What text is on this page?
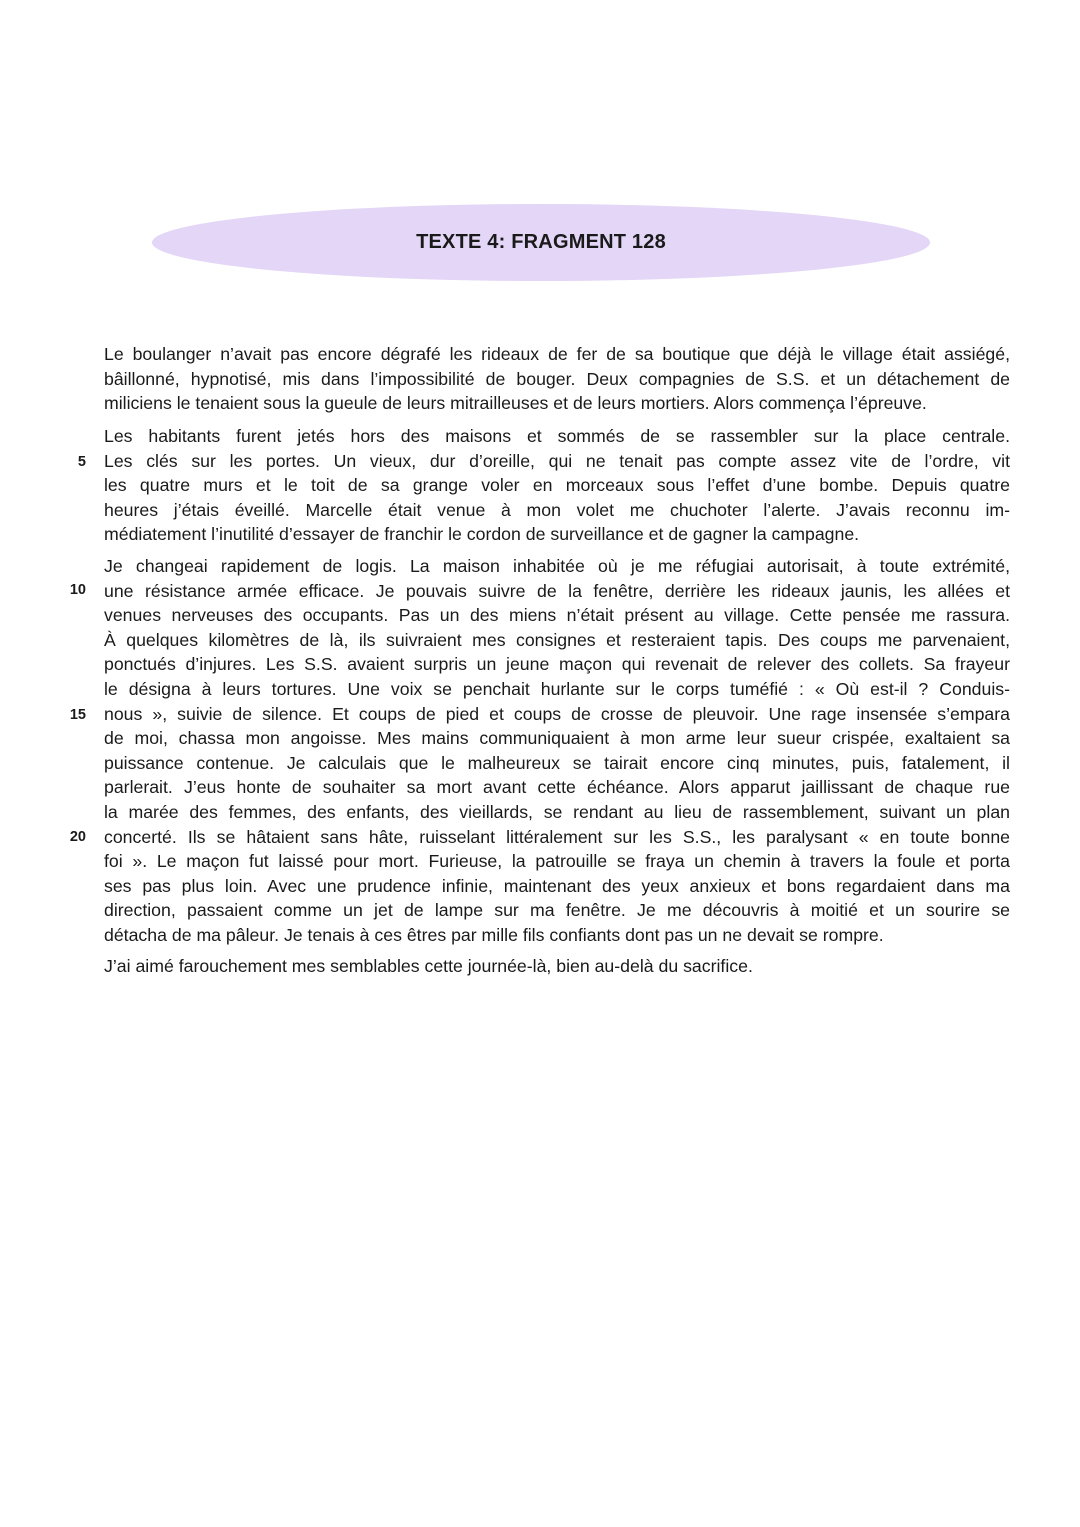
TEXTE 4: FRAGMENT 128
5
10
15
20
Le boulanger n’avait pas encore dégrafé les rideaux de fer de sa boutique que déjà le village était assiégé,
bâillonné, hypnotisé, mis dans l’impossibilité de bouger. Deux compagnies de S.S. et un détachement de
miliciens le tenaient sous la gueule de leurs mitrailleuses et de leurs mortiers. Alors commença l’épreuve.
Les habitants furent jetés hors des maisons et sommés de se rassembler sur la place centrale.
Les clés sur les portes. Un vieux, dur d’oreille, qui ne tenait pas compte assez vite de l’ordre, vit
les quatre murs et le toit de sa grange voler en morceaux sous l’effet d’une bombe. Depuis quatre
heures j’étais éveillé. Marcelle était venue à mon volet me chuchoter l’alerte. J’avais reconnu im-
médiatement l’inutilité d’essayer de franchir le cordon de surveillance et de gagner la campagne.
Je changeai rapidement de logis. La maison inhabitée où je me réfugiai autorisait, à toute extrémité,
une résistance armée efficace. Je pouvais suivre de la fenêtre, derrière les rideaux jaunis, les allées et
venues nerveuses des occupants. Pas un des miens n’était présent au village. Cette pensée me rassura.
À quelques kilomètres de là, ils suivraient mes consignes et resteraient tapis. Des coups me parvenaient,
ponctués d’injures. Les S.S. avaient surpris un jeune maçon qui revenait de relever des collets. Sa frayeur
le désigna à leurs tortures. Une voix se penchait hurlante sur le corps tuméfié : « Où est-il ? Conduis-
nous », suivie de silence. Et coups de pied et coups de crosse de pleuvoir. Une rage insensée s’empara
de moi, chassa mon angoisse. Mes mains communiquaient à mon arme leur sueur crispée, exaltaient sa
puissance contenue. Je calculais que le malheureux se tairait encore cinq minutes, puis, fatalement, il
parlerait. J’eus honte de souhaiter sa mort avant cette échéance. Alors apparut jaillissant de chaque rue
la marée des femmes, des enfants, des vieillards, se rendant au lieu de rassemblement, suivant un plan
concerté. Ils se hâtaient sans hâte, ruisselant littéralement sur les S.S., les paralysant « en toute bonne
foi ». Le maçon fut laissé pour mort. Furieuse, la patrouille se fraya un chemin à travers la foule et porta
ses pas plus loin. Avec une prudence infinie, maintenant des yeux anxieux et bons regardaient dans ma
direction, passaient comme un jet de lampe sur ma fenêtre. Je me découvris à moitié et un sourire se
détacha de ma pâleur. Je tenais à ces êtres par mille fils confiants dont pas un ne devait se rompre.
J’ai aimé farouchement mes semblables cette journée-là, bien au-delà du sacrifice.
